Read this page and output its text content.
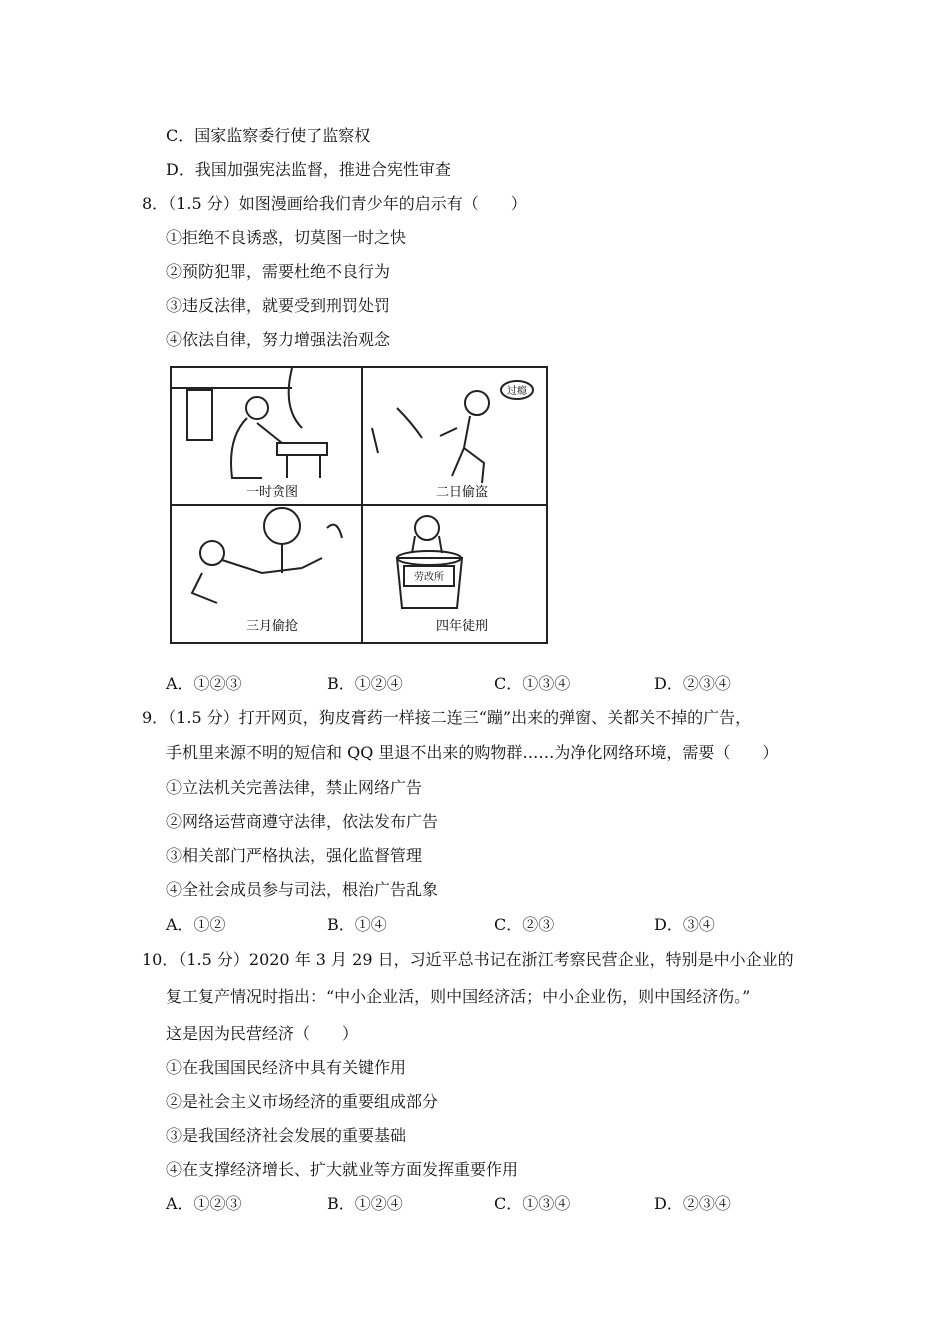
C．国家监察委行使了监察权
D．我国加强宪法监督，推进合宪性审查
8．（1.5 分）如图漫画给我们青少年的启示有（　　）
①拒绝不良诱惑，切莫图一时之快
②预防犯罪，需要杜绝不良行为
③违反法律，就要受到刑罚处罚
④依法自律，努力增强法治观念
一时贪图	二日偷盗
三月偷抢	四年徒刑
过瘾
劳改所
A．①②③	B．①②④	C．①③④	D．②③④
9．（1.5 分）打开网页，狗皮膏药一样接二连三“蹦”出来的弹窗、关都关不掉的广告，
手机里来源不明的短信和 QQ 里退不出来的购物群……为净化网络环境，需要（　　）
①立法机关完善法律，禁止网络广告
②网络运营商遵守法律，依法发布广告
③相关部门严格执法，强化监督管理
④全社会成员参与司法，根治广告乱象
A．①②	B．①④	C．②③	D．③④
10．（1.5 分）2020 年 3 月 29 日，习近平总书记在浙江考察民营企业，特别是中小企业的
复工复产情况时指出：“中小企业活，则中国经济活；中小企业伤，则中国经济伤。”
这是因为民营经济（　　）
①在我国国民经济中具有关键作用
②是社会主义市场经济的重要组成部分
③是我国经济社会发展的重要基础
④在支撑经济增长、扩大就业等方面发挥重要作用
A．①②③	B．①②④	C．①③④	D．②③④
